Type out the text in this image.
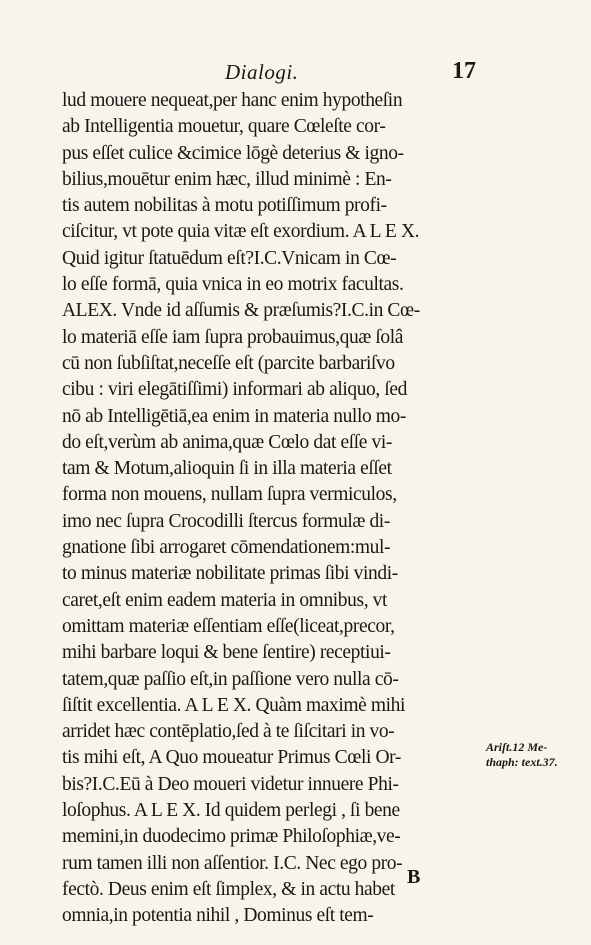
Dialogi.	17
lud mouere nequeat,per hanc enim hypotheſin
ab Intelligentia mouetur, quare Cœleſte cor-
pus eſſet culice &cimice lōgè deterius & igno-
bilius,mouētur enim hæc, illud minimè : En-
tis autem nobilitas à motu potiſſimum profi-
ciſcitur, vt pote quia vitæ eſt exordium. A L E X.
Quid igitur ſtatuēdum eſt?I.C.Vnicam in Cœ-
lo eſſe formā, quia vnica in eo motrix facultas.
ALEX. Vnde id aſſumis & præſumis?I.C.in Cœ-
lo materiā eſſe iam ſupra probauimus,quæ ſolâ
cū non ſubſiſtat,neceſſe eſt (parcite barbariſvo
cibu : viri elegātiſſimi) informari ab aliquo, ſed
nō ab Intelligētiā,ea enim in materia nullo mo-
do eſt,verùm ab anima,quæ Cœlo dat eſſe vi-
tam & Motum,alioquin ſi in illa materia eſſet
forma non mouens, nullam ſupra vermiculos,
imo nec ſupra Crocodilli ſtercus formulæ di-
gnatione ſibi arrogaret cōmendationem:mul-
to minus materiæ nobilitate primas ſibi vindi-
caret,eſt enim eadem materia in omnibus, vt
omittam materiæ eſſentiam eſſe(liceat,precor,
mihi barbare loqui & bene ſentire) receptiui-
tatem,quæ paſſio eſt,in paſſione vero nulla cō-
ſiſtit excellentia. A L E X. Quàm maximè mihi
arridet hæc contēplatio,ſed à te ſiſcitari in vo-
tis mihi eſt, A Quo moueatur Primus Cœli Or-
bis?I.C.Eū à Deo moueri videtur innuere Phi-
loſophus. A L E X. Id quidem perlegi , ſi bene
memini,in duodecimo primæ Philoſophiæ,ve-
rum tamen illi non aſſentior. I.C. Nec ego pro-
fectò. Deus enim eſt ſimplex, & in actu habet
omnia,in potentia nihil , Dominus eſt tem-
Ariſt.12 Me-
thaph: text.37.
B
